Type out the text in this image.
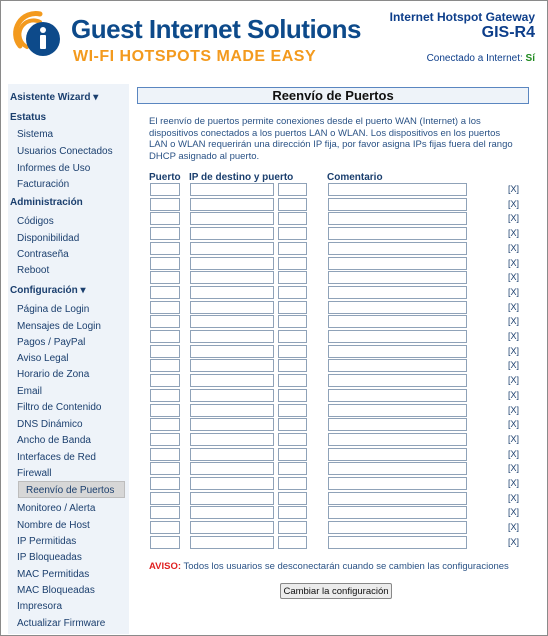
Guest Internet Solutions
WI-FI HOTSPOTS MADE EASY
Internet Hotspot Gateway
GIS-R4
Conectado a Internet: Sí
Asistente Wizard ▾
Estatus
Sistema
Usuarios Conectados
Informes de Uso
Facturación
Administración
Códigos
Disponibilidad
Contraseña
Reboot
Configuración ▾
Página de Login
Mensajes de Login
Pagos / PayPal
Aviso Legal
Horario de Zona
Email
Filtro de Contenido
DNS Dinámico
Ancho de Banda
Interfaces de Red
Firewall
Reenvío de Puertos
Monitoreo / Alerta
Nombre de Host
IP Permitidas
IP Bloqueadas
MAC Permitidas
MAC Bloqueadas
Impresora
Actualizar Firmware
Reenvío de Puertos
El reenvío de puertos permite conexiones desde el puerto WAN (Internet) a los dispositivos conectados a los puertos LAN o WLAN. Los dispositivos en los puertos LAN o WLAN requerirán una dirección IP fija, por favor asigna IPs fijas fuera del rango DHCP asignado al puerto.
Puerto IP de destino y puerto	Comentario
[X]
[X]
[X]
[X]
[X]
[X]
[X]
[X]
[X]
[X]
[X]
[X]
[X]
[X]
[X]
[X]
[X]
[X]
[X]
[X]
[X]
[X]
[X]
[X]
[X]
AVISO: Todos los usuarios se desconectarán cuando se cambien las configuraciones
Cambiar la configuración
